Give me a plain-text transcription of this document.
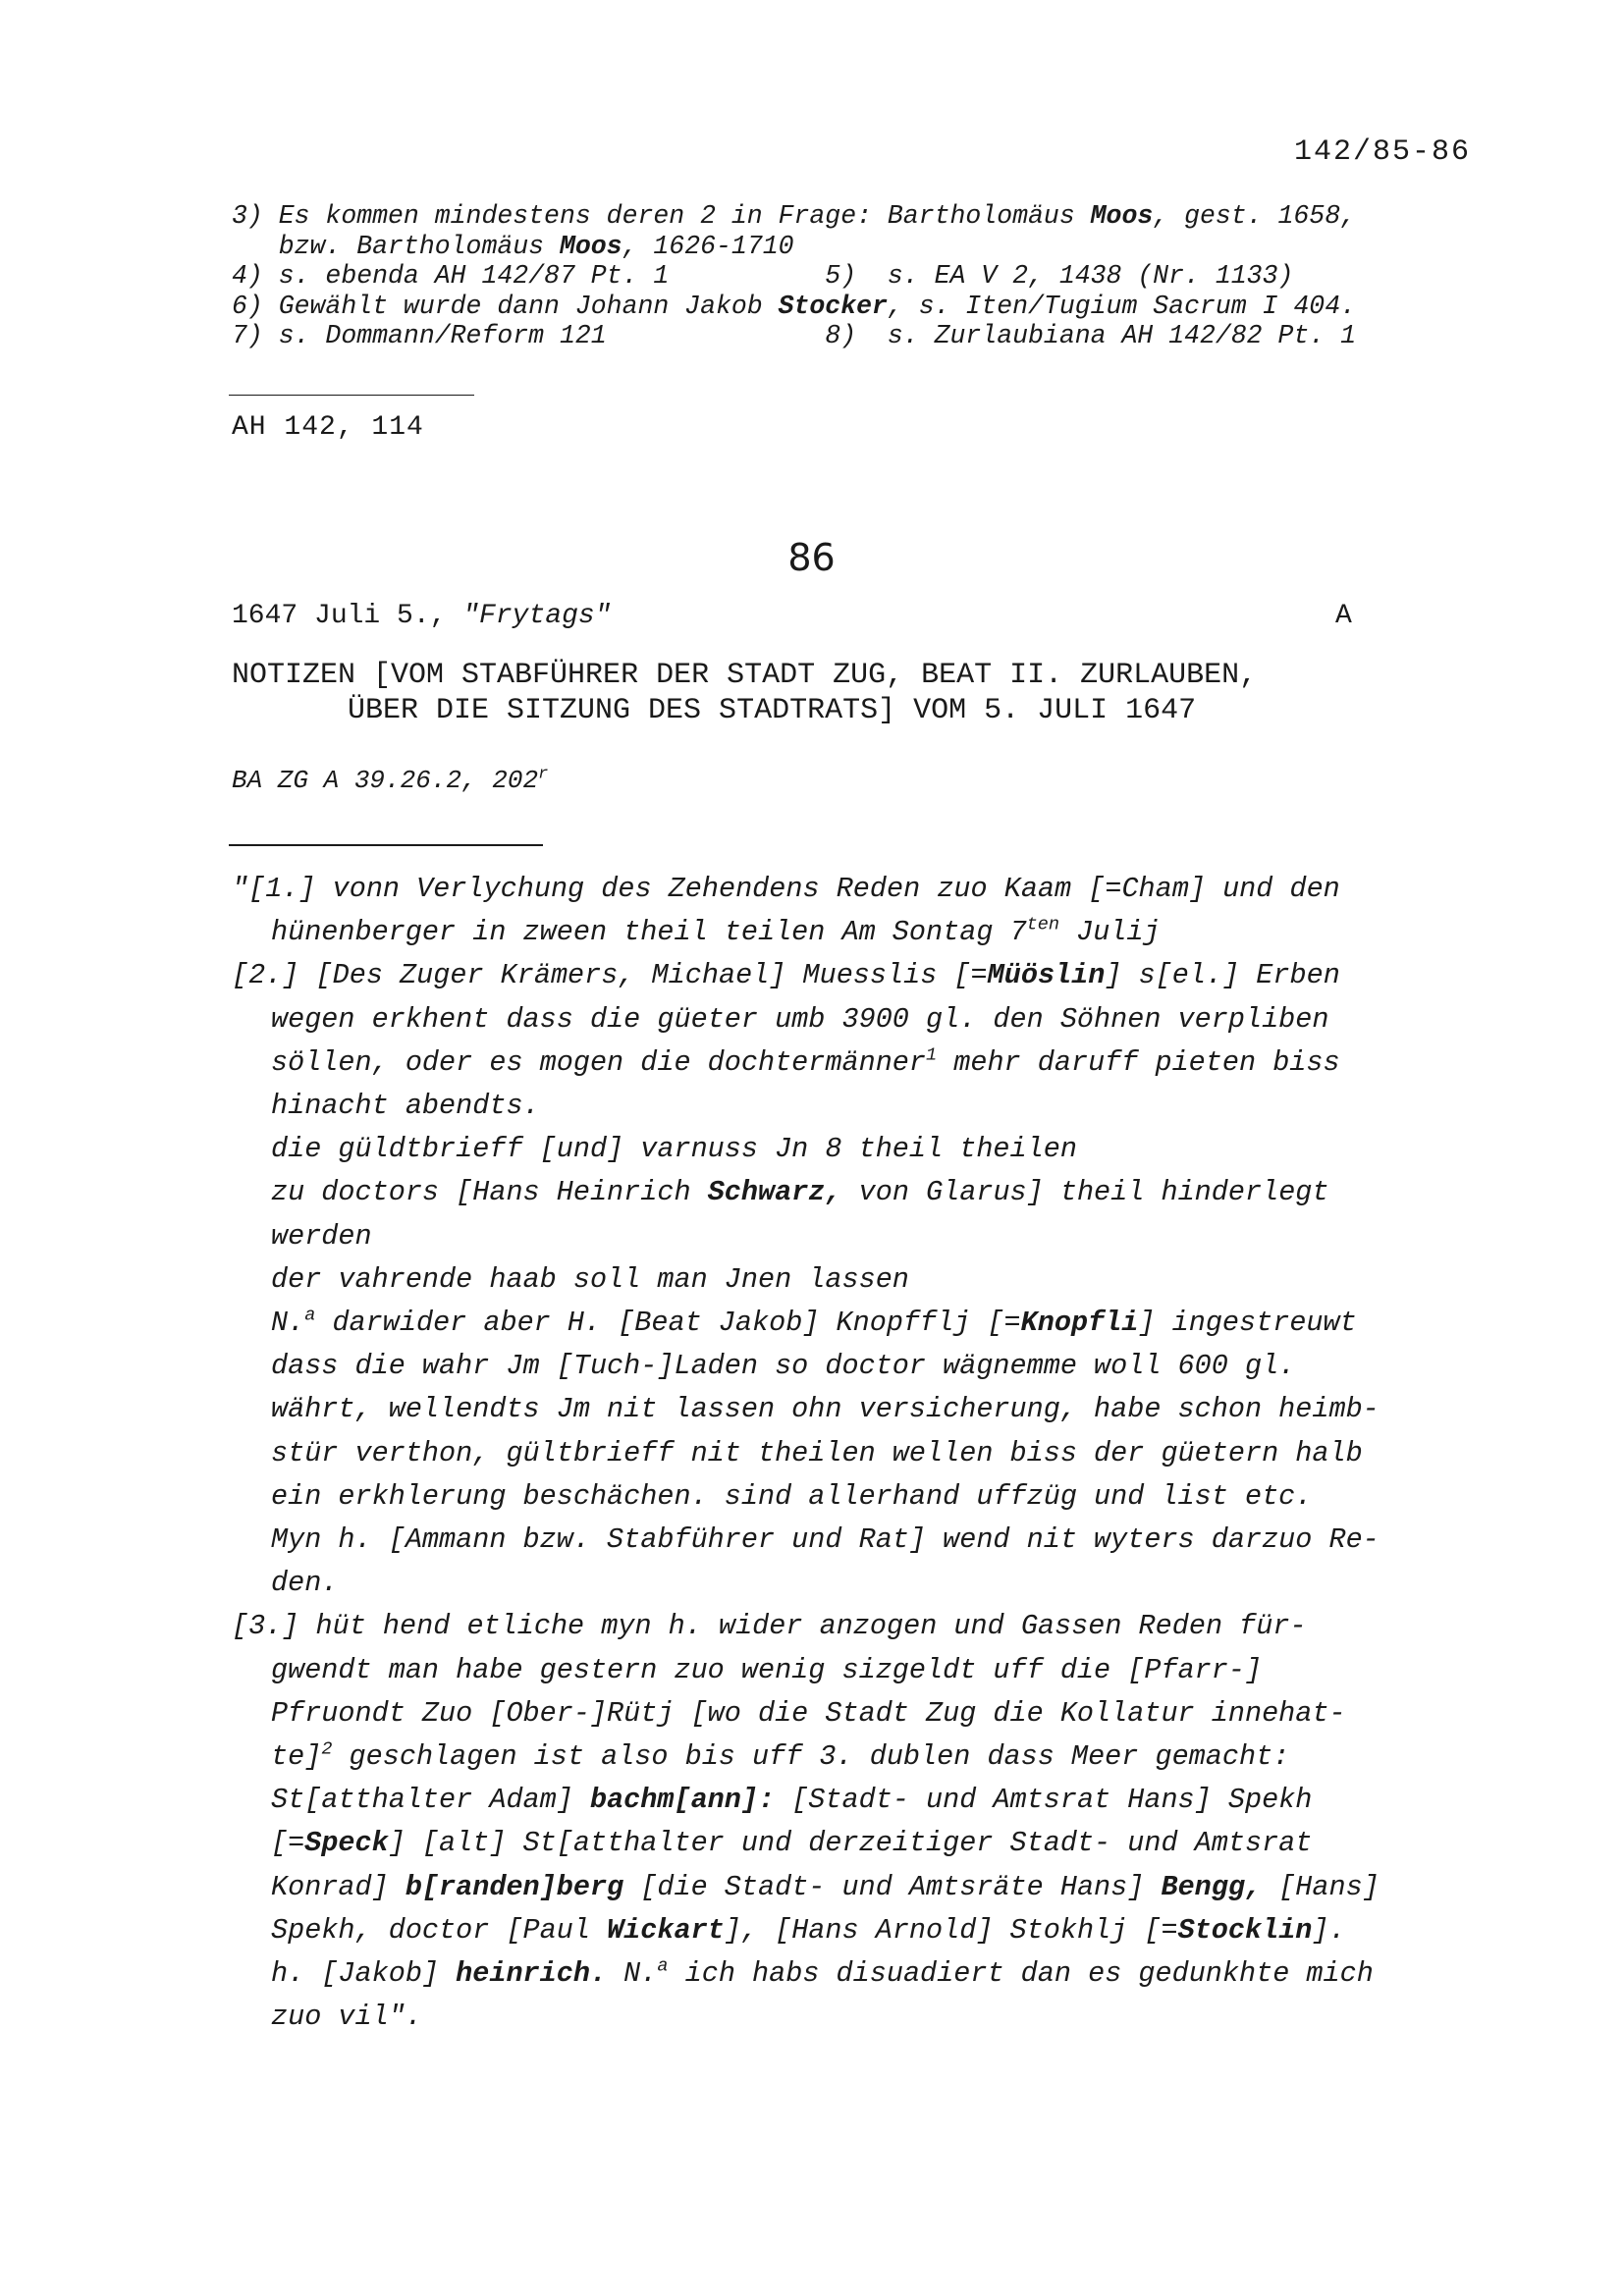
142/85-86
3) Es kommen mindestens deren 2 in Frage: Bartholomäus Moos, gest. 1658,
bzw. Bartholomäus Moos, 1626-1710
4) s. ebenda AH 142/87 Pt. 1          5)  s. EA V 2, 1438 (Nr. 1133)
6) Gewählt wurde dann Johann Jakob Stocker, s. Iten/Tugium Sacrum I 404.
7) s. Dommann/Reform 121              8)  s. Zurlaubiana AH 142/82 Pt. 1
AH 142, 114
86
1647 Juli 5., "Frytags"	A
NOTIZEN [VOM STABFÜHRER DER STADT ZUG, BEAT II. ZURLAUBEN,
ÜBER DIE SITZUNG DES STADTRATS] VOM 5. JULI 1647
BA ZG A 39.26.2, 202$^r$
"[1.] vonn Verlychung des Zehendens Reden zuo Kaam [=Cham] und den
hünenberger in zween theil teilen Am Sontag $7^{ten}$ Julij
[2.] [Des Zuger Krämers, Michael] Muesslis [=Müöslin] s[el.] Erben
wegen erkhent dass die güeter umb 3900 gl. den Söhnen verpliben
söllen, oder es mogen die dochtermänner$^1$ mehr daruff pieten biss
hinacht abendts.
die güldtbrieff [und] varnuss Jn 8 theil theilen
zu doctors [Hans Heinrich Schwarz, von Glarus] theil hinderlegt
werden
der vahrende haab soll man Jnen lassen
N.$^a$ darwider aber H. [Beat Jakob] Knopfflj [=Knopfli] ingestreuwt
dass die wahr Jm [Tuch-]Laden so doctor wägnemme woll 600 gl.
währt, wellendts Jm nit lassen ohn versicherung, habe schon heimb-
stür verthon, gültbrieff nit theilen wellen biss der güetern halb
ein erkhlerung beschächen. sind allerhand uffzüg und list etc.
Myn h. [Ammann bzw. Stabführer und Rat] wend nit wyters darzuo Re-
den.
[3.] hüt hend etliche myn h. wider anzogen und Gassen Reden für-
gwendt man habe gestern zuo wenig sizgeldt uff die [Pfarr-]
Pfruondt Zuo [Ober-]Rütj [wo die Stadt Zug die Kollatur innehat-
te]$^2$ geschlagen ist also bis uff 3. dublen dass Meer gemacht:
St[atthalter Adam] bachm[ann]: [Stadt- und Amtsrat Hans] Spekh
[=Speck] [alt] St[atthalter und derzeitiger Stadt- und Amtsrat
Konrad] b[randen]berg [die Stadt- und Amtsräte Hans] Bengg, [Hans]
Spekh, doctor [Paul Wickart], [Hans Arnold] Stokhlj [=Stocklin].
h. [Jakob] heinrich. N.$^a$ ich habs disuadiert dan es gedunkhte mich
zuo vil".
